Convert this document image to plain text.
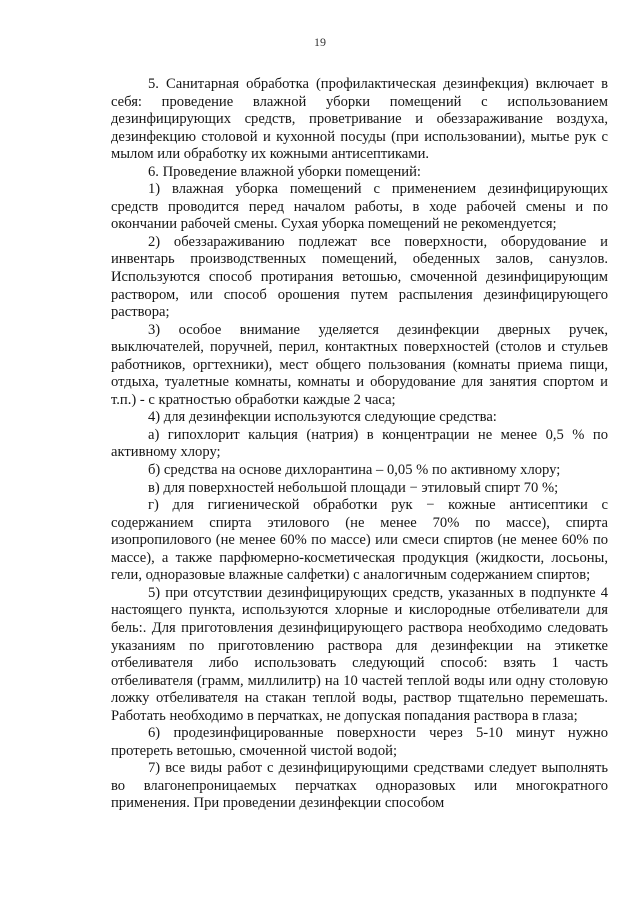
19

5. Санитарная обработка (профилактическая дезинфекция) включает в себя: проведение влажной уборки помещений с использованием дезинфицирующих средств, проветривание и обеззараживание воздуха, дезинфекцию столовой и кухонной посуды (при использовании), мытье рук с мылом или обработку их кожными антисептиками.

6. Проведение влажной уборки помещений:

1) влажная уборка помещений с применением дезинфицирующих средств проводится перед началом работы, в ходе рабочей смены и по окончании рабочей смены. Сухая уборка помещений не рекомендуется;

2) обеззараживанию подлежат все поверхности, оборудование и инвентарь производственных помещений, обеденных залов, санузлов. Используются способ протирания ветошью, смоченной дезинфицирующим раствором, или способ орошения путем распыления дезинфицирующего раствора;

3) особое внимание уделяется дезинфекции дверных ручек, выключателей, поручней, перил, контактных поверхностей (столов и стульев работников, оргтехники), мест общего пользования (комнаты приема пищи, отдыха, туалетные комнаты, комнаты и оборудование для занятия спортом и т.п.) - с кратностью обработки каждые 2 часа;

4) для дезинфекции используются следующие средства:

а) гипохлорит кальция (натрия) в концентрации не менее 0,5 % по активному хлору;

б) средства на основе дихлорантина – 0,05 % по активному хлору;

в) для поверхностей небольшой площади − этиловый спирт 70 %;

г) для гигиенической обработки рук − кожные антисептики с содержанием спирта этилового (не менее 70% по массе), спирта изопропилового (не менее 60% по массе) или смеси спиртов (не менее 60% по массе), а также парфюмерно-косметическая продукция (жидкости, лосьоны, гели, одноразовые влажные салфетки) с аналогичным содержанием спиртов;

5) при отсутствии дезинфицирующих средств, указанных в подпункте 4 настоящего пункта, используются хлорные и кислородные отбеливатели для бель:. Для приготовления дезинфицирующего раствора необходимо следовать указаниям по приготовлению раствора для дезинфекции на этикетке отбеливателя либо использовать следующий способ: взять 1 часть отбеливателя (грамм, миллилитр) на 10 частей теплой воды или одну столовую ложку отбеливателя на стакан теплой воды, раствор тщательно перемешать. Работать необходимо в перчатках, не допуская попадания раствора в глаза;

6) продезинфицированные поверхности через 5-10 минут нужно протереть ветошью, смоченной чистой водой;

7) все виды работ с дезинфицирующими средствами следует выполнять во влагонепроницаемых перчатках одноразовых или многократного применения. При проведении дезинфекции способом
